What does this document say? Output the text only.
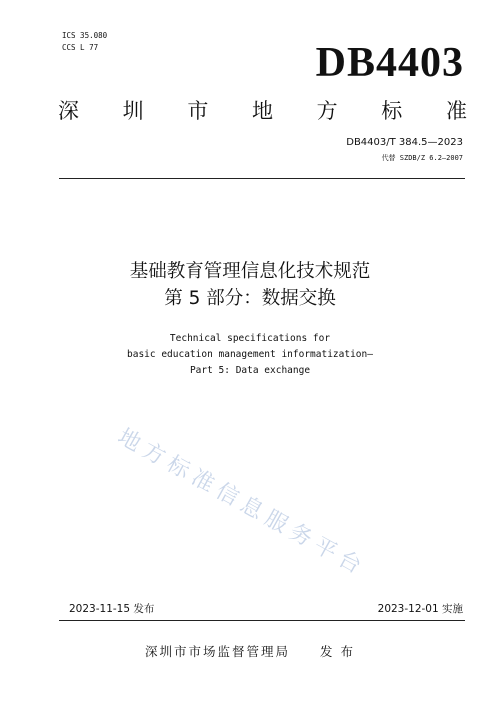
ICS 35.080
CCS L 77	DB4403
深 圳 市 地 方 标 准
DB4403/T 384.5—2023
代替 SZDB/Z 6.2—2007
基础教育管理信息化技术规范
第 5 部分：数据交换
Technical specifications for
basic education management informatization—
Part 5: Data exchange
地方标准信息服务平台
2023-11-15 发布	2023-12-01 实施
深圳市市场监督管理局 发 布
